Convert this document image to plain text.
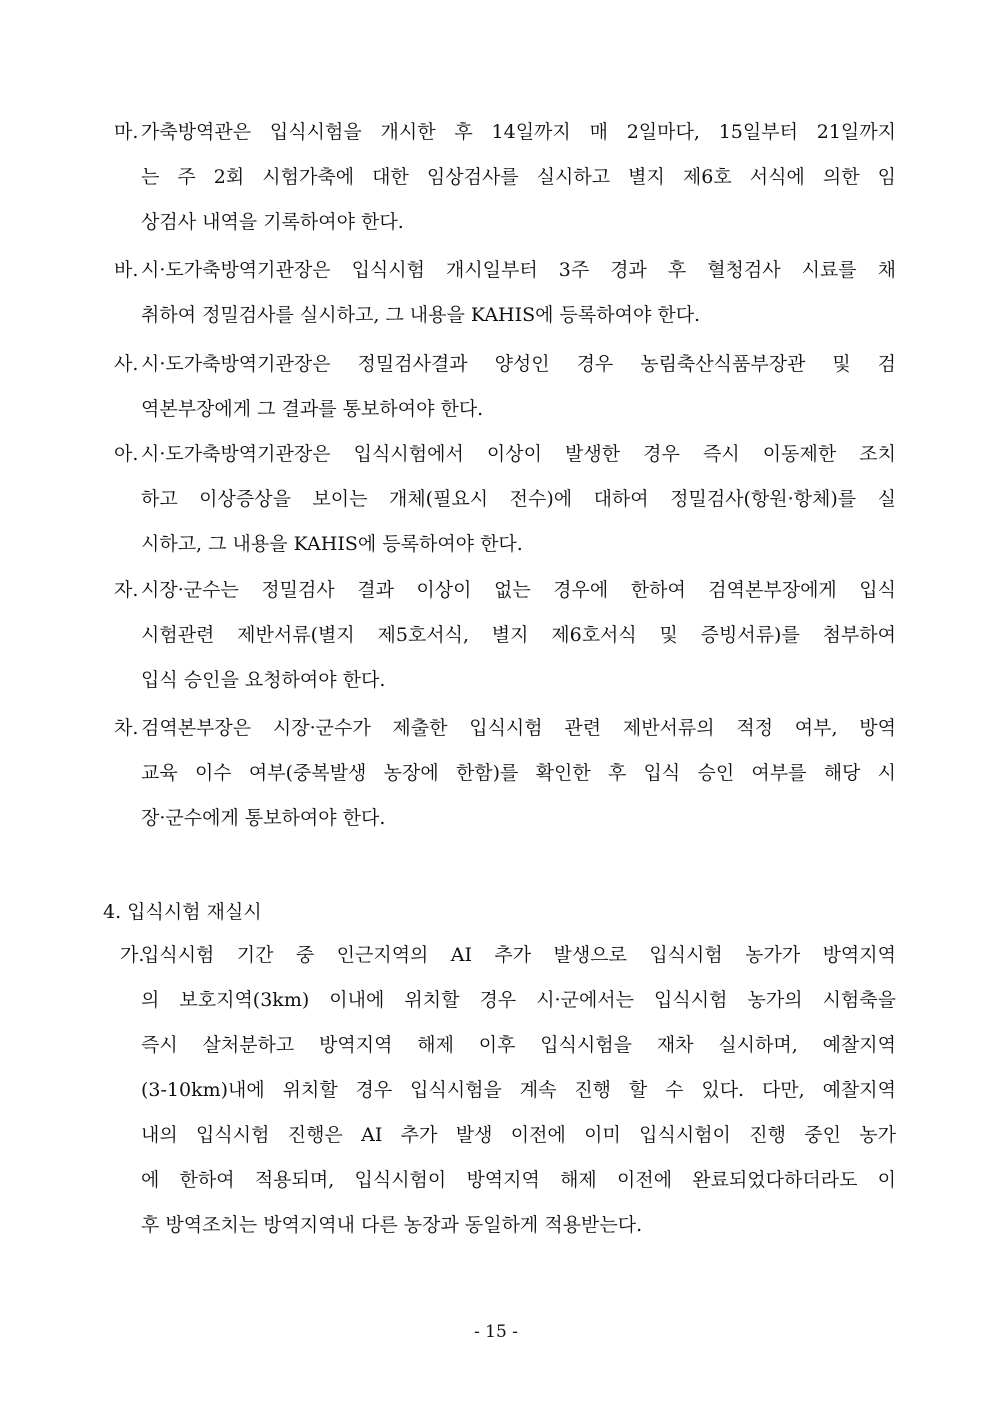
마. 가축방역관은 입식시험을 개시한 후 14일까지 매 2일마다, 15일부터 21일까지
는 주 2회 시험가축에 대한 임상검사를 실시하고 별지 제6호 서식에 의한 임
상검사 내역을 기록하여야 한다.
바. 시·도가축방역기관장은 입식시험 개시일부터 3주 경과 후 혈청검사 시료를 채
취하여 정밀검사를 실시하고, 그 내용을 KAHIS에 등록하여야 한다.
사. 시·도가축방역기관장은 정밀검사결과 양성인 경우 농림축산식품부장관 및 검
역본부장에게 그 결과를 통보하여야 한다.
아. 시·도가축방역기관장은 입식시험에서 이상이 발생한 경우 즉시 이동제한 조치
하고 이상증상을 보이는 개체(필요시 전수)에 대하여 정밀검사(항원·항체)를 실
시하고, 그 내용을 KAHIS에 등록하여야 한다.
자. 시장·군수는 정밀검사 결과 이상이 없는 경우에 한하여 검역본부장에게 입식
시험관련 제반서류(별지 제5호서식, 별지 제6호서식 및 증빙서류)를 첨부하여
입식 승인을 요청하여야 한다.
차. 검역본부장은 시장·군수가 제출한 입식시험 관련 제반서류의 적정 여부, 방역
교육 이수 여부(중복발생 농장에 한함)를 확인한 후 입식 승인 여부를 해당 시
장·군수에게 통보하여야 한다.
4. 입식시험 재실시
가.
입식시험 기간 중 인근지역의 AI 추가 발생으로 입식시험 농가가 방역지역
의 보호지역(3km) 이내에 위치할 경우 시·군에서는 입식시험 농가의 시험축을
즉시 살처분하고 방역지역 해제 이후 입식시험을 재차 실시하며, 예찰지역
(3-10km)내에 위치할 경우 입식시험을 계속 진행 할 수 있다. 다만, 예찰지역
내의 입식시험 진행은 AI 추가 발생 이전에 이미 입식시험이 진행 중인 농가
에 한하여 적용되며, 입식시험이 방역지역 해제 이전에 완료되었다하더라도 이
후 방역조치는 방역지역내 다른 농장과 동일하게 적용받는다.
- 15 -
